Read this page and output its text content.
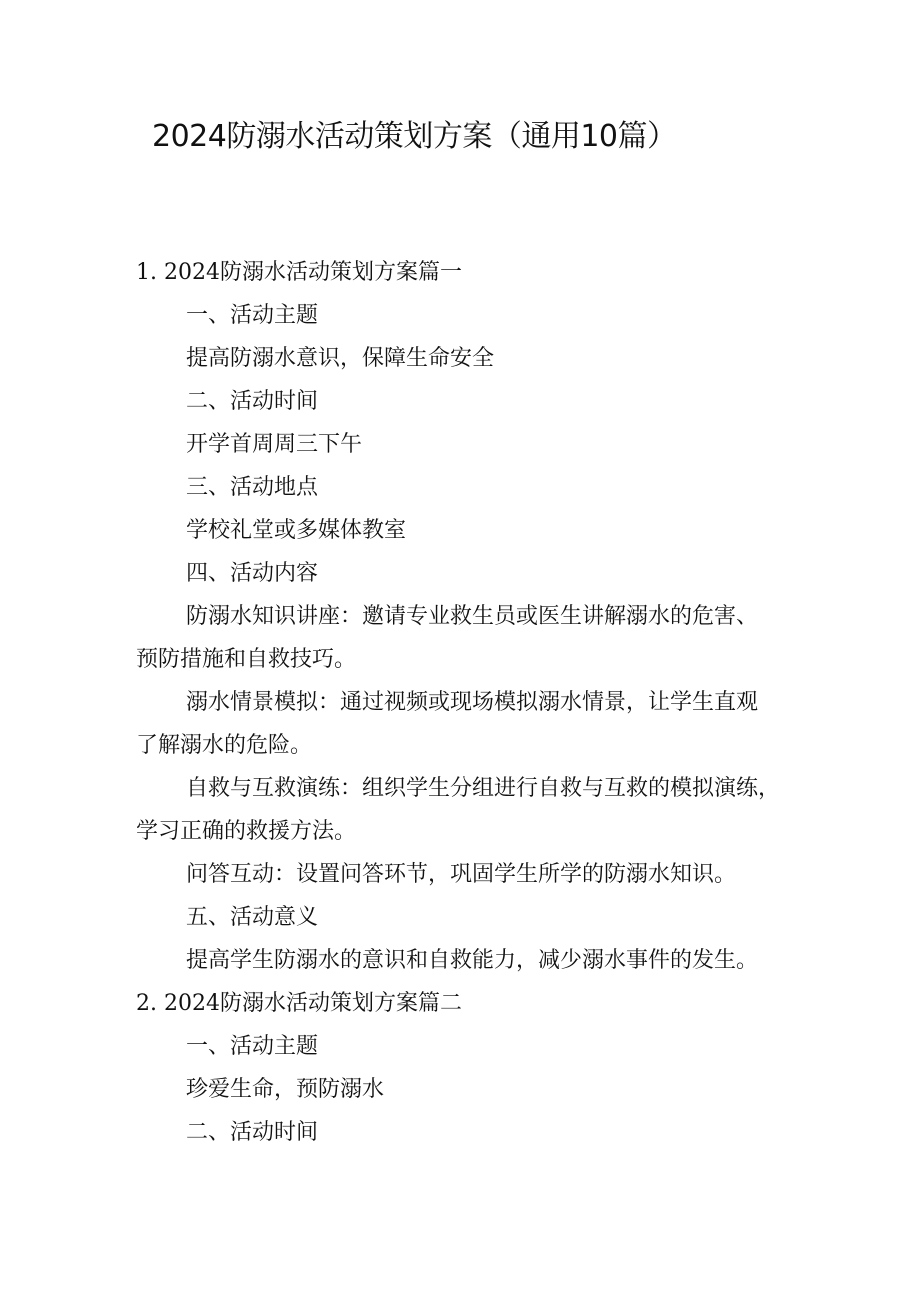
2024防溺水活动策划方案（通用10篇）

1. 2024防溺水活动策划方案篇一

一、活动主题

提高防溺水意识，保障生命安全

二、活动时间

开学首周周三下午

三、活动地点

学校礼堂或多媒体教室

四、活动内容

防溺水知识讲座：邀请专业救生员或医生讲解溺水的危害、

预防措施和自救技巧。

溺水情景模拟：通过视频或现场模拟溺水情景，让学生直观

了解溺水的危险。

自救与互救演练：组织学生分组进行自救与互救的模拟演练，

学习正确的救援方法。

问答互动：设置问答环节，巩固学生所学的防溺水知识。

五、活动意义

提高学生防溺水的意识和自救能力，减少溺水事件的发生。

2. 2024防溺水活动策划方案篇二

一、活动主题

珍爱生命，预防溺水

二、活动时间
